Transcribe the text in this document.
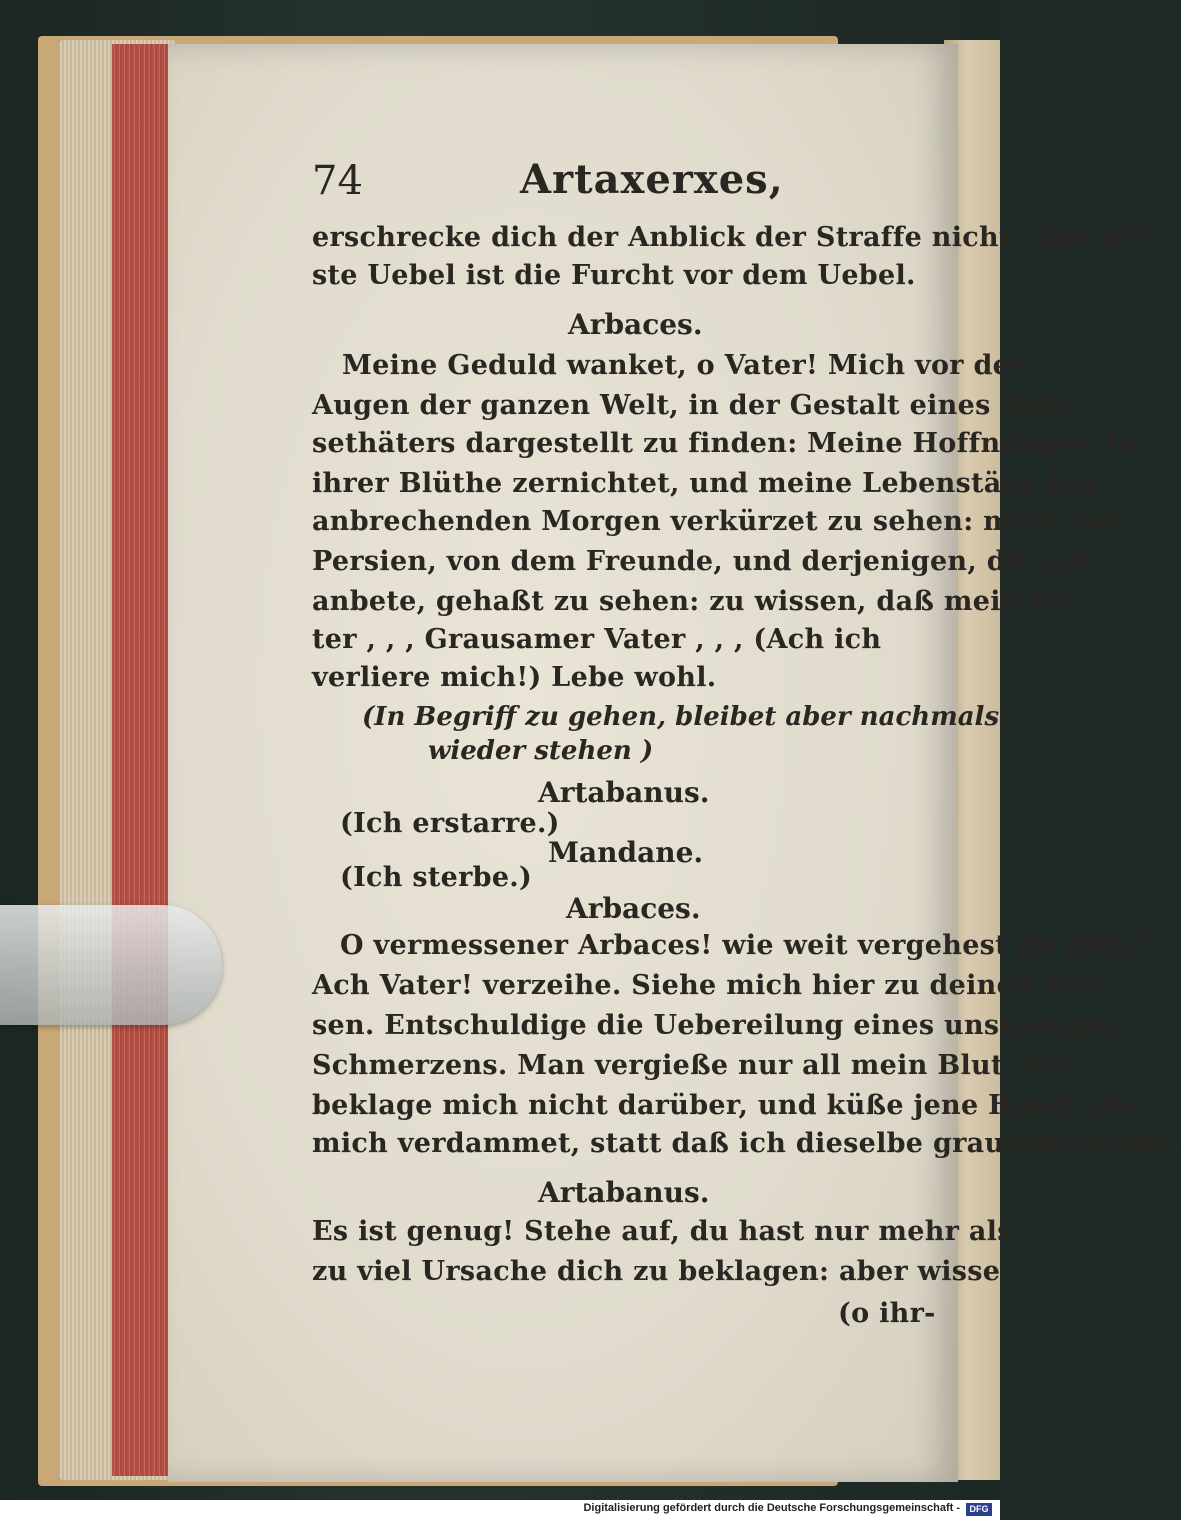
74	Artaxerxes,
erschrecke dich der Anblick der Straffe nicht: das grö-
ste Uebel ist die Furcht vor dem Uebel.
Arbaces.
Meine Geduld wanket, o Vater! Mich vor den
Augen der ganzen Welt, in der Gestalt eines Miß-
sethäters dargestellt zu finden: Meine Hoffnungen in
ihrer Blüthe zernichtet, und meine Lebenstäge bey
anbrechenden Morgen verkürzet zu sehen: mich von
Persien, von dem Freunde, und derjenigen, die ich
anbete, gehaßt zu sehen: zu wissen, daß mein Va-
ter , , , Grausamer Vater , , , (Ach ich
verliere mich!) Lebe wohl.
(In Begriff zu gehen, bleibet aber nachmals
wieder stehen )
Artabanus.
(Ich erstarre.)
Mandane.
(Ich sterbe.)
Arbaces.
O vermessener Arbaces! wie weit vergehest du dich?
Ach Vater! verzeihe. Siehe mich hier zu deinen Füs-
sen. Entschuldige die Uebereilung eines unsinnigen
Schmerzens. Man vergieße nur all mein Blut, ich
beklage mich nicht darüber, und küße jene Hand, die
mich verdammet, statt daß ich dieselbe grausam nenne.
Artabanus.
Es ist genug! Stehe auf, du hast nur mehr als
zu viel Ursache dich zu beklagen: aber wisse , ,
(o ihr-
Digitalisierung gefördert durch die Deutsche Forschungsgemeinschaft -	DFG
